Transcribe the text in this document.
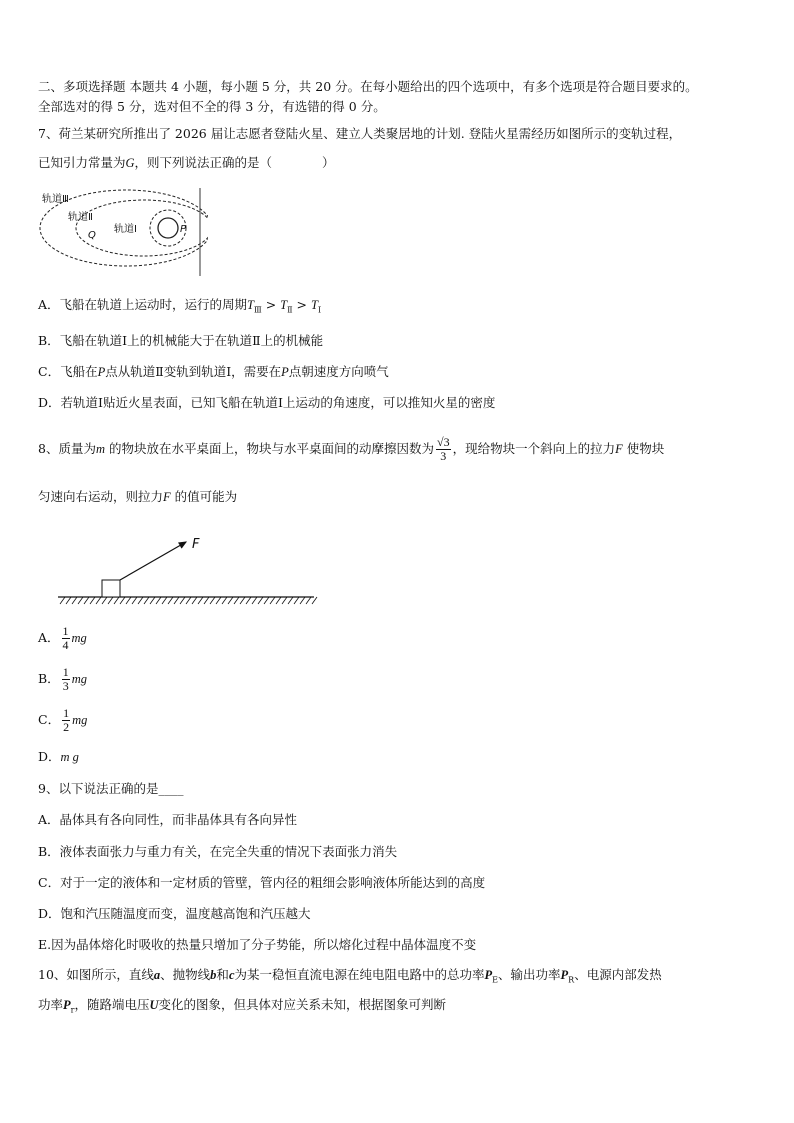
二、多项选择题 本题共 4 小题，每小题 5 分，共 20 分。在每小题给出的四个选项中，有多个选项是符合题目要求的。
全部选对的得 5 分，选对但不全的得 3 分，有选错的得 0 分。
7、荷兰某研究所推出了 2026 届让志愿者登陆火星、建立人类聚居地的计划. 登陆火星需经历如图所示的变轨过程，
已知引力常量为G，则下列说法正确的是（　　　　）
轨道Ⅲ
轨道Ⅱ
轨道Ⅰ
Q
P
A．飞船在轨道上运动时，运行的周期$T_Ⅲ > T_Ⅱ > T_Ⅰ$
B．飞船在轨道Ⅰ上的机械能大于在轨道Ⅱ上的机械能
C．飞船在P点从轨道Ⅱ变轨到轨道Ⅰ，需要在P点朝速度方向喷气
D．若轨道Ⅰ贴近火星表面，已知飞船在轨道Ⅰ上运动的角速度，可以推知火星的密度
8、质量为m 的物块放在水平桌面上，物块与水平桌面间的动摩擦因数为 $\frac{√3}{3}$ ，现给物块一个斜向上的拉力F 使物块
匀速向右运动，则拉力F 的值可能为
F
A． $\frac{1}{4}$ mg
B． $\frac{1}{3}$ mg
C． $\frac{1}{2}$ mg
D．m g
9、以下说法正确的是____
A．晶体具有各向同性，而非晶体具有各向异性
B．液体表面张力与重力有关，在完全失重的情况下表面张力消失
C．对于一定的液体和一定材质的管壁，管内径的粗细会影响液体所能达到的高度
D．饱和汽压随温度而变，温度越高饱和汽压越大
E.因为晶体熔化时吸收的热量只增加了分子势能，所以熔化过程中晶体温度不变
10、如图所示，直线a、抛物线b和c为某一稳恒直流电源在纯电阻电路中的总功率$P_E$、输出功率$P_R$、电源内部发热
功率$P_r$，随路端电压U变化的图象，但具体对应关系未知，根据图象可判断
